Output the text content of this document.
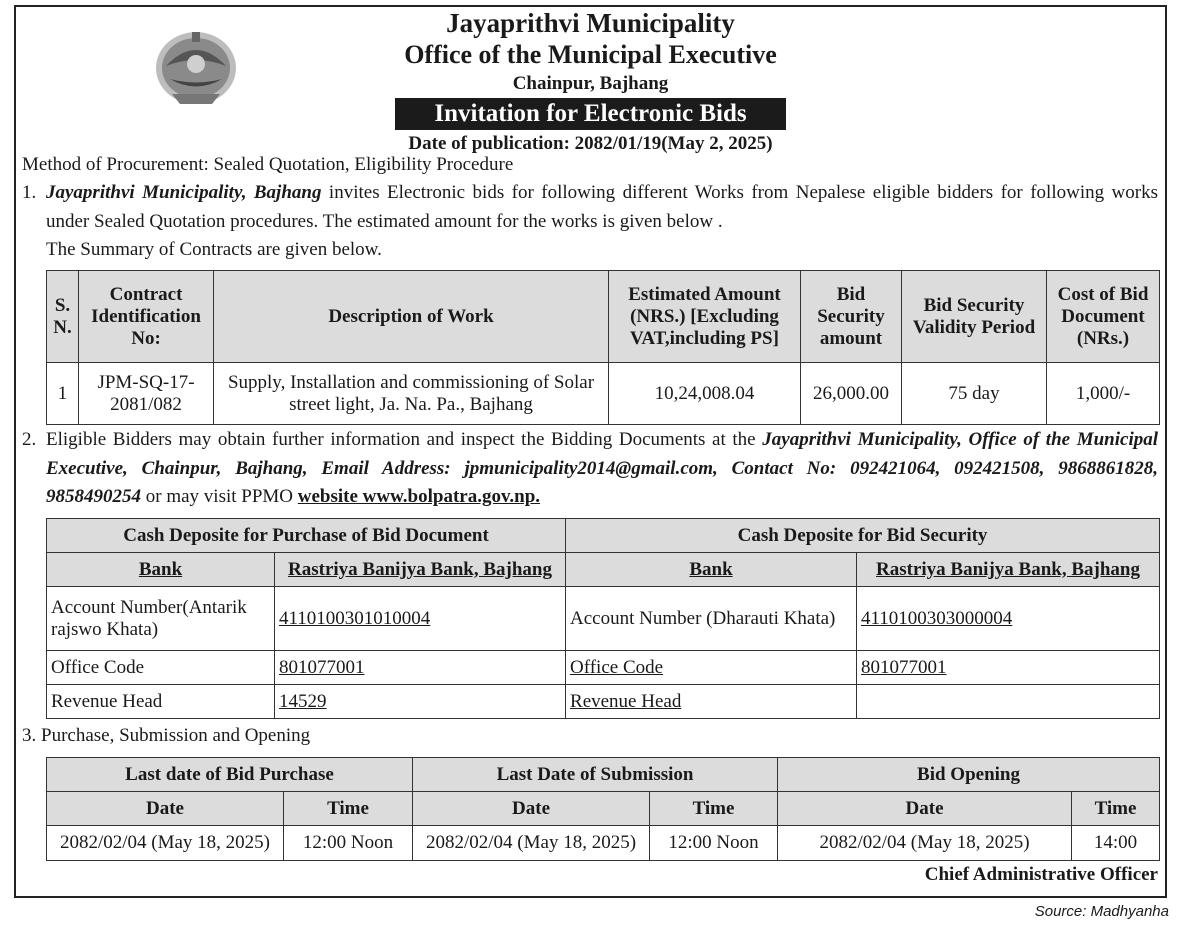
Jayaprithvi Municipality
Office of the Municipal Executive
Chainpur, Bajhang
Invitation for Electronic Bids
Date of publication: 2082/01/19(May 2, 2025)
Method of Procurement: Sealed Quotation, Eligibility Procedure
1. Jayaprithvi Municipality, Bajhang invites Electronic bids for following different Works from Nepalese eligible bidders for following works under Sealed Quotation procedures. The estimated amount for the works is given below .
The Summary of Contracts are given below.
S. N.	Contract Identification No:	Description of Work	Estimated Amount (NRS.) [Excluding VAT,including PS]	Bid Security amount	Bid Security Validity Period	Cost of Bid Document (NRs.)
1	JPM-SQ-17-2081/082	Supply, Installation and commissioning of Solar street light, Ja. Na. Pa., Bajhang	10,24,008.04	26,000.00	75 day	1,000/-
2. Eligible Bidders may obtain further information and inspect the Bidding Documents at the Jayaprithvi Municipality, Office of the Municipal Executive, Chainpur, Bajhang, Email Address: jpmunicipality2014@gmail.com, Contact No: 092421064, 092421508, 9868861828, 9858490254 or may visit PPMO website www.bolpatra.gov.np.
Cash Deposite for Purchase of Bid Document		Cash Deposite for Bid Security	
Bank	Rastriya Banijya Bank, Bajhang	Bank	Rastriya Banijya Bank, Bajhang
Account Number(Antarik rajswo Khata)	4110100301010004	Account Number (Dharauti Khata)	4110100303000004
Office Code	801077001	Office Code	801077001
Revenue Head	14529	Revenue Head	
3. Purchase, Submission and Opening
Last date of Bid Purchase		Last Date of Submission		Bid Opening	
Date	Time	Date	Time	Date	Time
2082/02/04 (May 18, 2025)	12:00 Noon	2082/02/04 (May 18, 2025)	12:00 Noon	2082/02/04 (May 18, 2025)	14:00
Chief Administrative Officer
Source: Madhyanha
